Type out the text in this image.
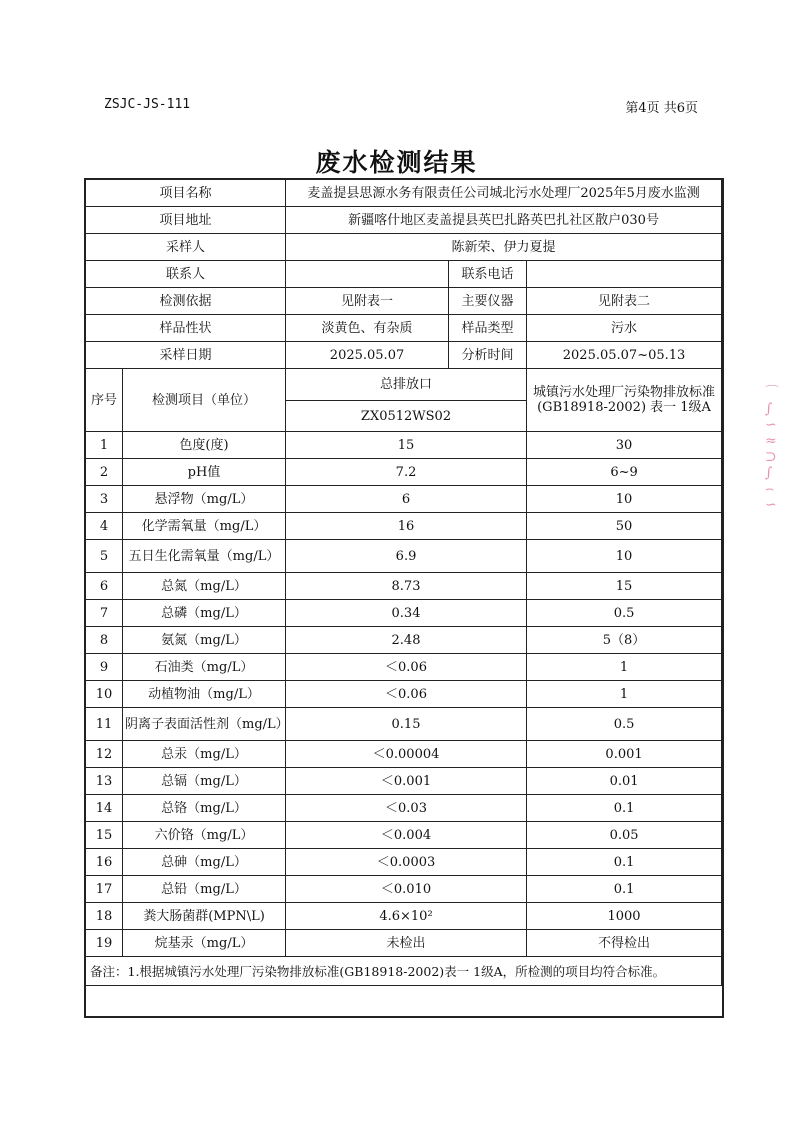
ZSJC-JS-111	第4页 共6页
废水检测结果
项目名称		麦盖提县思源水务有限责任公司城北污水处理厂2025年5月废水监测		
项目地址		新疆喀什地区麦盖提县英巴扎路英巴扎社区散户030号		
采样人		陈新荣、伊力夏提		
联系人			联系电话	
检测依据		见附表一	主要仪器	见附表二
样品性状		淡黄色、有杂质	样品类型	污水
采样日期		2025.05.07	分析时间	2025.05.07~05.13
序号	检测项目（单位）	总排放口		城镇污水处理厂污染物排放标准(GB18918-2002) 表一 1级A
		ZX0512WS02		
1	色度(度)	15		30
2	pH值	7.2		6~9
3	悬浮物（mg/L）	6		10
4	化学需氧量（mg/L）	16		50
5	五日生化需氧量（mg/L）	6.9		10
6	总氮（mg/L）	8.73		15
7	总磷（mg/L）	0.34		0.5
8	氨氮（mg/L）	2.48		5（8）
9	石油类（mg/L）	＜0.06		1
10	动植物油（mg/L）	＜0.06		1
11	阴离子表面活性剂（mg/L）	0.15		0.5
12	总汞（mg/L）	＜0.00004		0.001
13	总镉（mg/L）	＜0.001		0.01
14	总铬（mg/L）	＜0.03		0.1
15	六价铬（mg/L）	＜0.004		0.05
16	总砷（mg/L）	＜0.0003		0.1
17	总铅（mg/L）	＜0.010		0.1
18	粪大肠菌群(MPN\L)	4.6×10²		1000
19	烷基汞（mg/L）	未检出		不得检出
备注：1.根据城镇污水处理厂污染物排放标准(GB18918-2002)表一 1级A，所检测的项目均符合标准。				
⌒
∫
∽
≈
⊃
∫
⌢
∽
